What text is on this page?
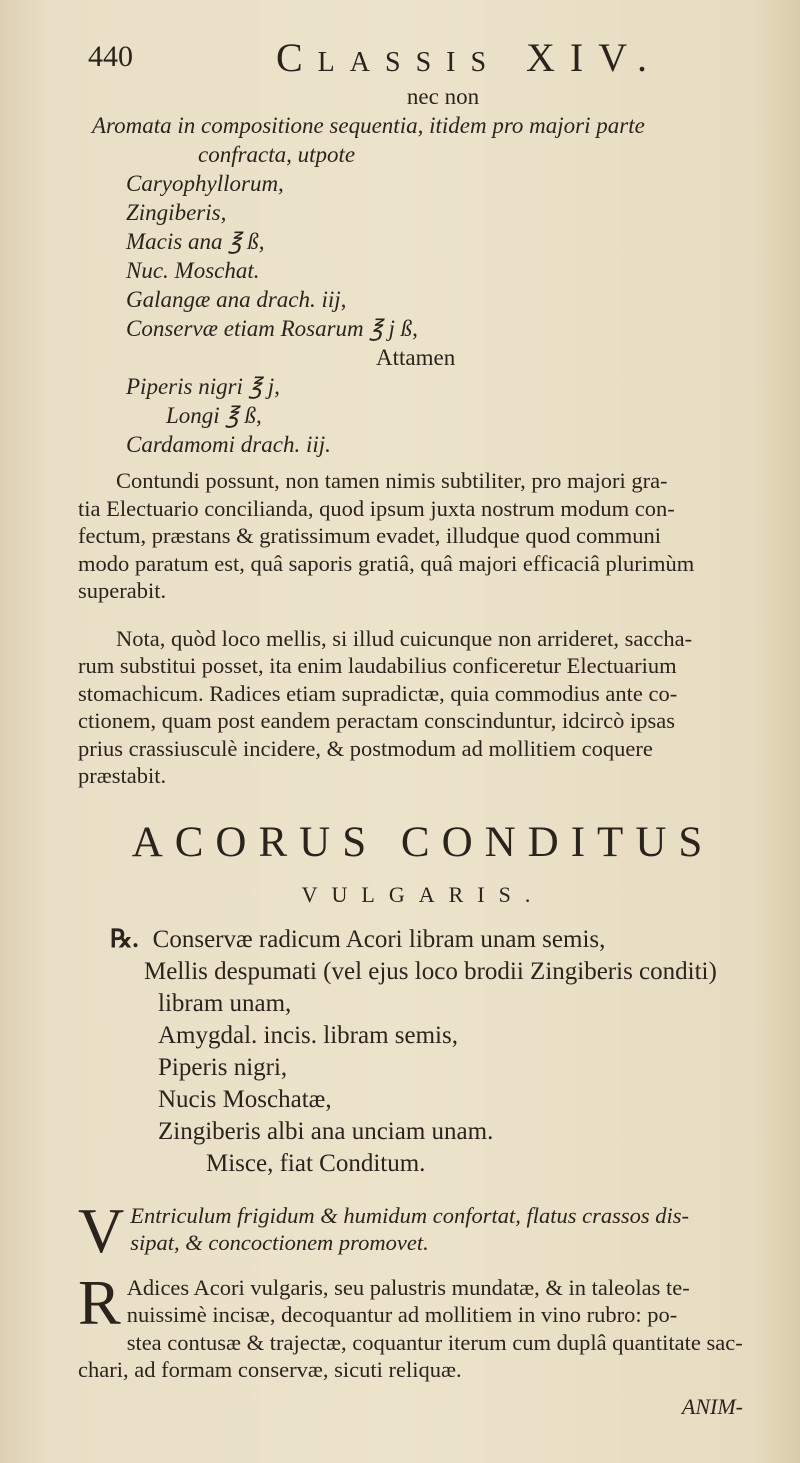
440	Classis XIV.
nec non
Aromata in compositione sequentia, itidem pro majori parte
confracta, utpote
Caryophyllorum,
Zingiberis,
Macis ana ℥ ß,
Nuc. Moschat.
Galangæ ana drach. iij,
Conservæ etiam Rosarum ℥ j ß,
Attamen
Piperis nigri ℥ j,
Longi ℥ ß,
Cardamomi drach. iij.
Contundi possunt, non tamen nimis subtiliter, pro majori gra-
tia Electuario concilianda, quod ipsum juxta nostrum modum con-
fectum, præstans & gratissimum evadet, illudque quod communi
modo paratum est, quâ saporis gratiâ, quâ majori efficaciâ plurimùm
superabit.
Nota, quòd loco mellis, si illud cuicunque non arrideret, saccha-
rum substitui posset, ita enim laudabilius conficeretur Electuarium
stomachicum. Radices etiam supradictæ, quia commodius ante co-
ctionem, quam post eandem peractam conscinduntur, idcircò ipsas
prius crassiusculè incidere, & postmodum ad mollitiem coquere
præstabit.
ACORUS CONDITUS
VULGARIS.
℞. Conservæ radicum Acori libram unam semis,
Mellis despumati (vel ejus loco brodii Zingiberis conditi)
libram unam,
Amygdal. incis. libram semis,
Piperis nigri,
Nucis Moschatæ,
Zingiberis albi ana unciam unam.
Misce, fiat Conditum.
V Entriculum frigidum & humidum confortat, flatus crassos dis-
sipat, & concoctionem promovet.
R Adices Acori vulgaris, seu palustris mundatæ, & in taleolas te-
nuissimè incisæ, decoquantur ad mollitiem in vino rubro: po-
stea contusæ & trajectæ, coquantur iterum cum duplâ quantitate sac-
chari, ad formam conservæ, sicuti reliquæ.
ANIM-
